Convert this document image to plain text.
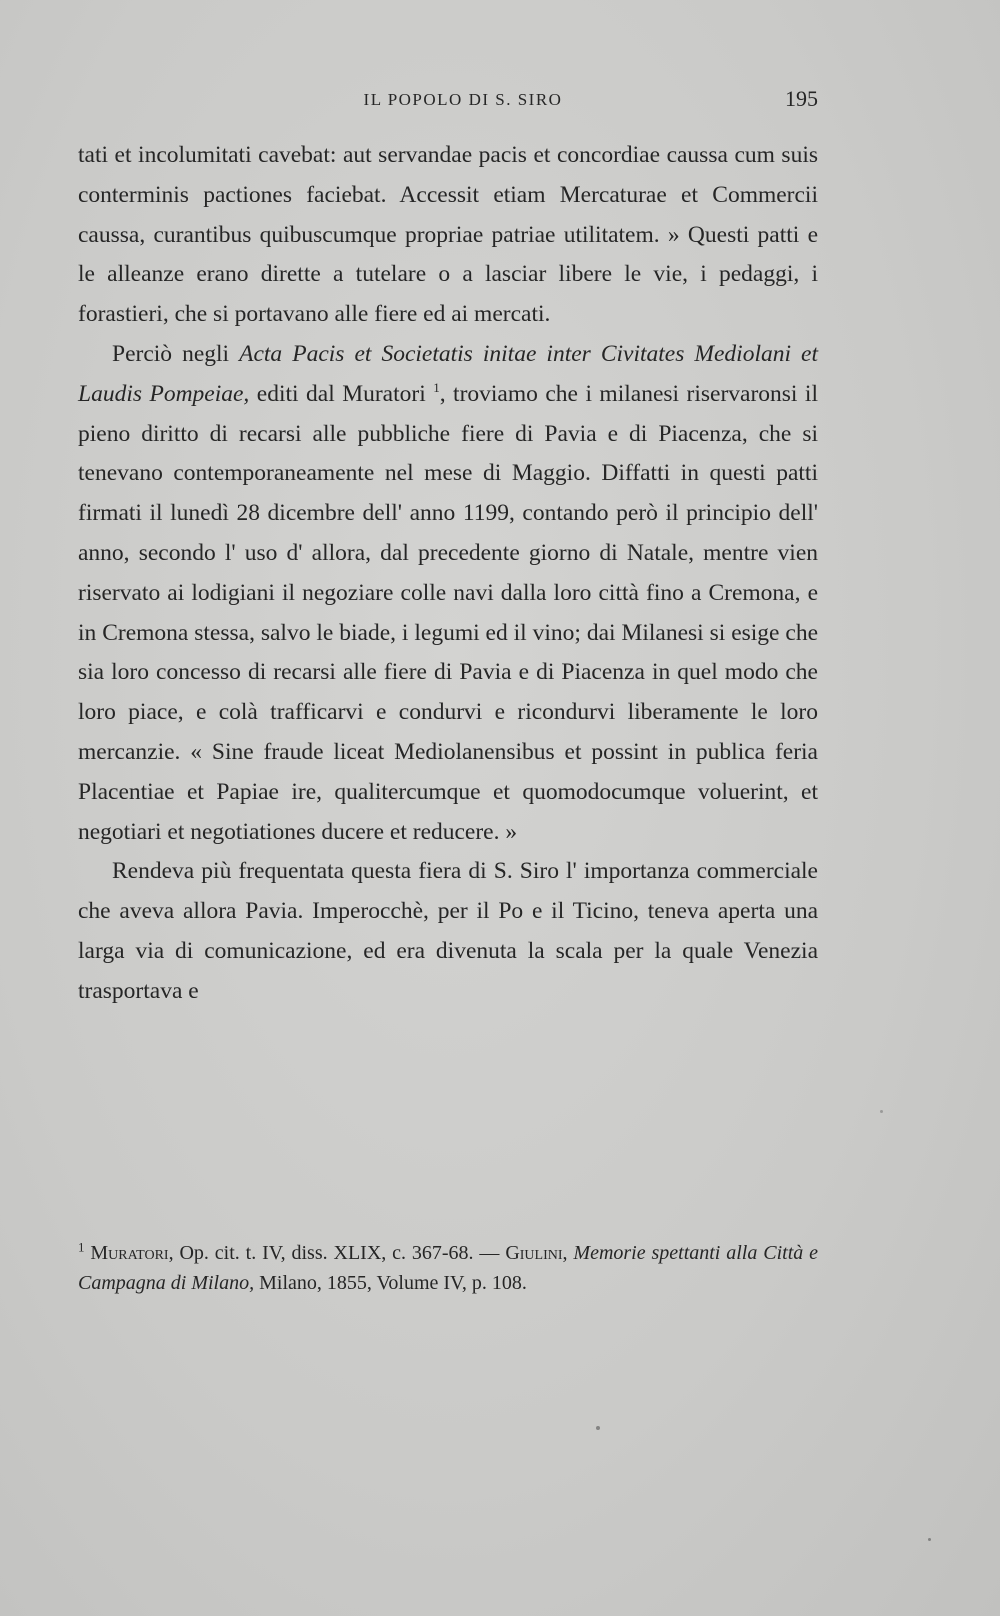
IL POPOLO DI S. SIRO	195

tati et incolumitati cavebat: aut servandae pacis et concordiae caussa cum suis conterminis pactiones faciebat. Accessit etiam Mercaturae et Commercii caussa, curantibus quibuscumque propriae patriae utilitatem. » Questi patti e le alleanze erano dirette a tutelare o a lasciar libere le vie, i pedaggi, i forastieri, che si portavano alle fiere ed ai mercati.

Perciò negli Acta Pacis et Societatis initae inter Civitates Mediolani et Laudis Pompeiae, editi dal Muratori $^1$, troviamo che i milanesi riservaronsi il pieno diritto di recarsi alle pubbliche fiere di Pavia e di Piacenza, che si tenevano contemporaneamente nel mese di Maggio. Diffatti in questi patti firmati il lunedì 28 dicembre dell' anno 1199, contando però il principio dell' anno, secondo l' uso d' allora, dal precedente giorno di Natale, mentre vien riservato ai lodigiani il negoziare colle navi dalla loro città fino a Cremona, e in Cremona stessa, salvo le biade, i legumi ed il vino; dai Milanesi si esige che sia loro concesso di recarsi alle fiere di Pavia e di Piacenza in quel modo che loro piace, e colà trafficarvi e condurvi e ricondurvi liberamente le loro mercanzie. « Sine fraude liceat Mediolanensibus et possint in publica feria Placentiae et Papiae ire, qualitercumque et quomodocumque voluerint, et negotiari et negotiationes ducere et reducere. »

Rendeva più frequentata questa fiera di S. Siro l' importanza commerciale che aveva allora Pavia. Imperocchè, per il Po e il Ticino, teneva aperta una larga via di comunicazione, ed era divenuta la scala per la quale Venezia trasportava e

$^1$ Muratori, Op. cit. t. IV, diss. XLIX, c. 367-68. — Giulini, Memorie spettanti alla Città e Campagna di Milano, Milano, 1855, Volume IV, p. 108.
